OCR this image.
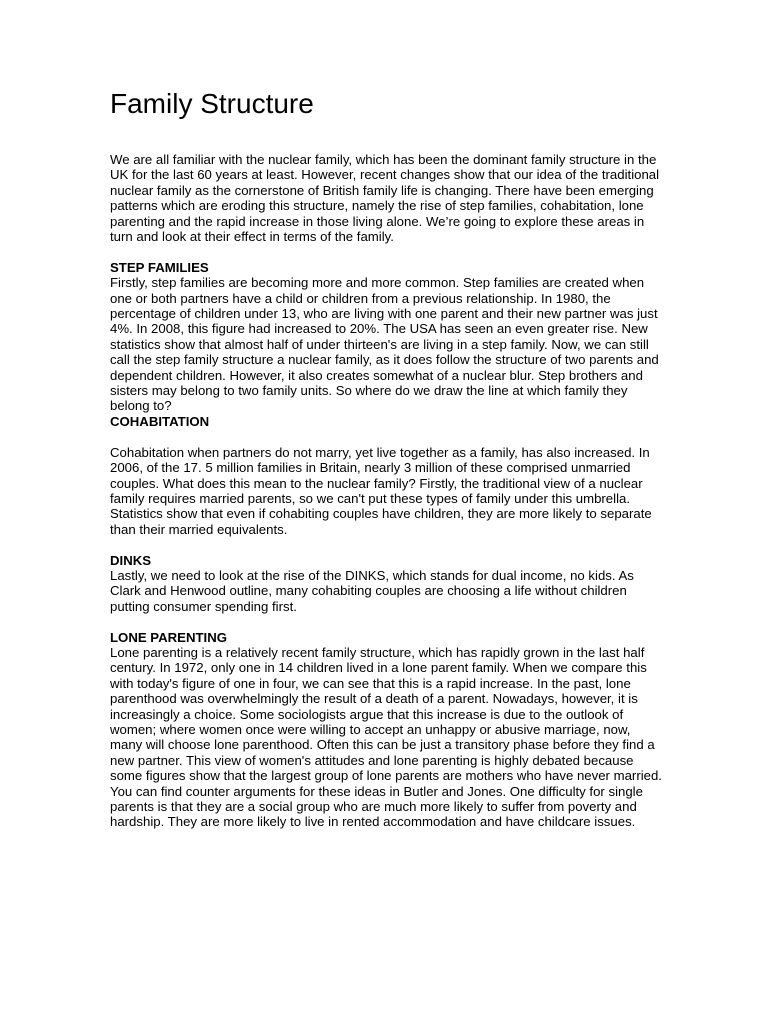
Family Structure

We are all familiar with the nuclear family, which has been the dominant family structure in the UK for the last 60 years at least. However, recent changes show that our idea of the traditional nuclear family as the cornerstone of British family life is changing. There have been emerging patterns which are eroding this structure, namely the rise of step families, cohabitation, lone parenting and the rapid increase in those living alone. We’re going to explore these areas in turn and look at their effect in terms of the family.

STEP FAMILIES

Firstly, step families are becoming more and more common. Step families are created when one or both partners have a child or children from a previous relationship. In 1980, the percentage of children under 13, who are living with one parent and their new partner was just 4%. In 2008, this figure had increased to 20%. The USA has seen an even greater rise. New statistics show that almost half of under thirteen's are living in a step family. Now, we can still call the step family structure a nuclear family, as it does follow the structure of two parents and dependent children. However, it also creates somewhat of a nuclear blur. Step brothers and sisters may belong to two family units. So where do we draw the line at which family they belong to?

COHABITATION

Cohabitation when partners do not marry, yet live together as a family, has also increased. In 2006, of the 17. 5 million families in Britain, nearly 3 million of these comprised unmarried couples. What does this mean to the nuclear family? Firstly, the traditional view of a nuclear family requires married parents, so we can't put these types of family under this umbrella. Statistics show that even if cohabiting couples have children, they are more likely to separate than their married equivalents.

DINKS

Lastly, we need to look at the rise of the DINKS, which stands for dual income, no kids. As Clark and Henwood outline, many cohabiting couples are choosing a life without children putting consumer spending first.

LONE PARENTING

Lone parenting is a relatively recent family structure, which has rapidly grown in the last half century. In 1972, only one in 14 children lived in a lone parent family. When we compare this with today's figure of one in four, we can see that this is a rapid increase. In the past, lone parenthood was overwhelmingly the result of a death of a parent. Nowadays, however, it is increasingly a choice. Some sociologists argue that this increase is due to the outlook of women; where women once were willing to accept an unhappy or abusive marriage, now, many will choose lone parenthood. Often this can be just a transitory phase before they find a new partner. This view of women's attitudes and lone parenting is highly debated because some figures show that the largest group of lone parents are mothers who have never married. You can find counter arguments for these ideas in Butler and Jones. One difficulty for single parents is that they are a social group who are much more likely to suffer from poverty and hardship. They are more likely to live in rented accommodation and have childcare issues.
